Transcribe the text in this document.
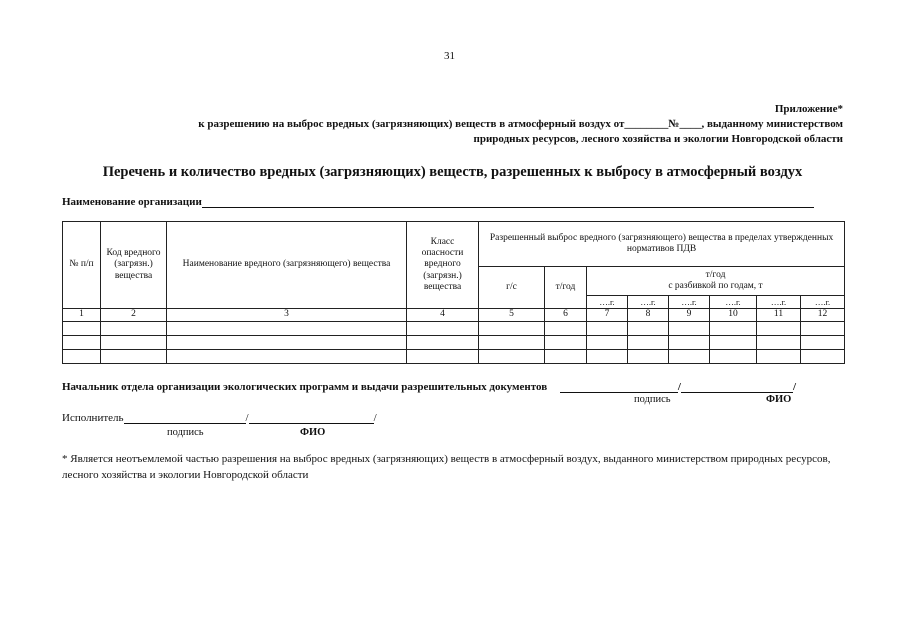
31
Приложение*
к разрешению на выброс вредных (загрязняющих) веществ в атмосферный воздух от________№____, выданному министерством
природных ресурсов, лесного хозяйства и экологии Новгородской области
Перечень и количество вредных (загрязняющих) веществ, разрешенных к выбросу в атмосферный воздух
Наименование организации
№ п/п	Код вредного (загрязн.) вещества	Наименование вредного (загрязняющего) вещества	Класс опасности вредного (загрязн.) вещества	Разрешенный выброс вредного (загрязняющего) вещества в пределах утвержденных нормативов ПДВ							
				г/с	т/год	т/год
с разбивкой по годам, т					

						….г.	….г.	….г.	….г.	….г.	….г.
1	2	3	4	5	6	7	8	9	10	11	12

Начальник отдела организации экологических программ и выдачи разрешительных документов	/	/
подпись	ФИО
Исполнитель	/	/
подпись	ФИО
* Является неотъемлемой частью разрешения на выброс вредных (загрязняющих) веществ в атмосферный воздух, выданного министерством природных ресурсов, лесного хозяйства и экологии Новгородской области
